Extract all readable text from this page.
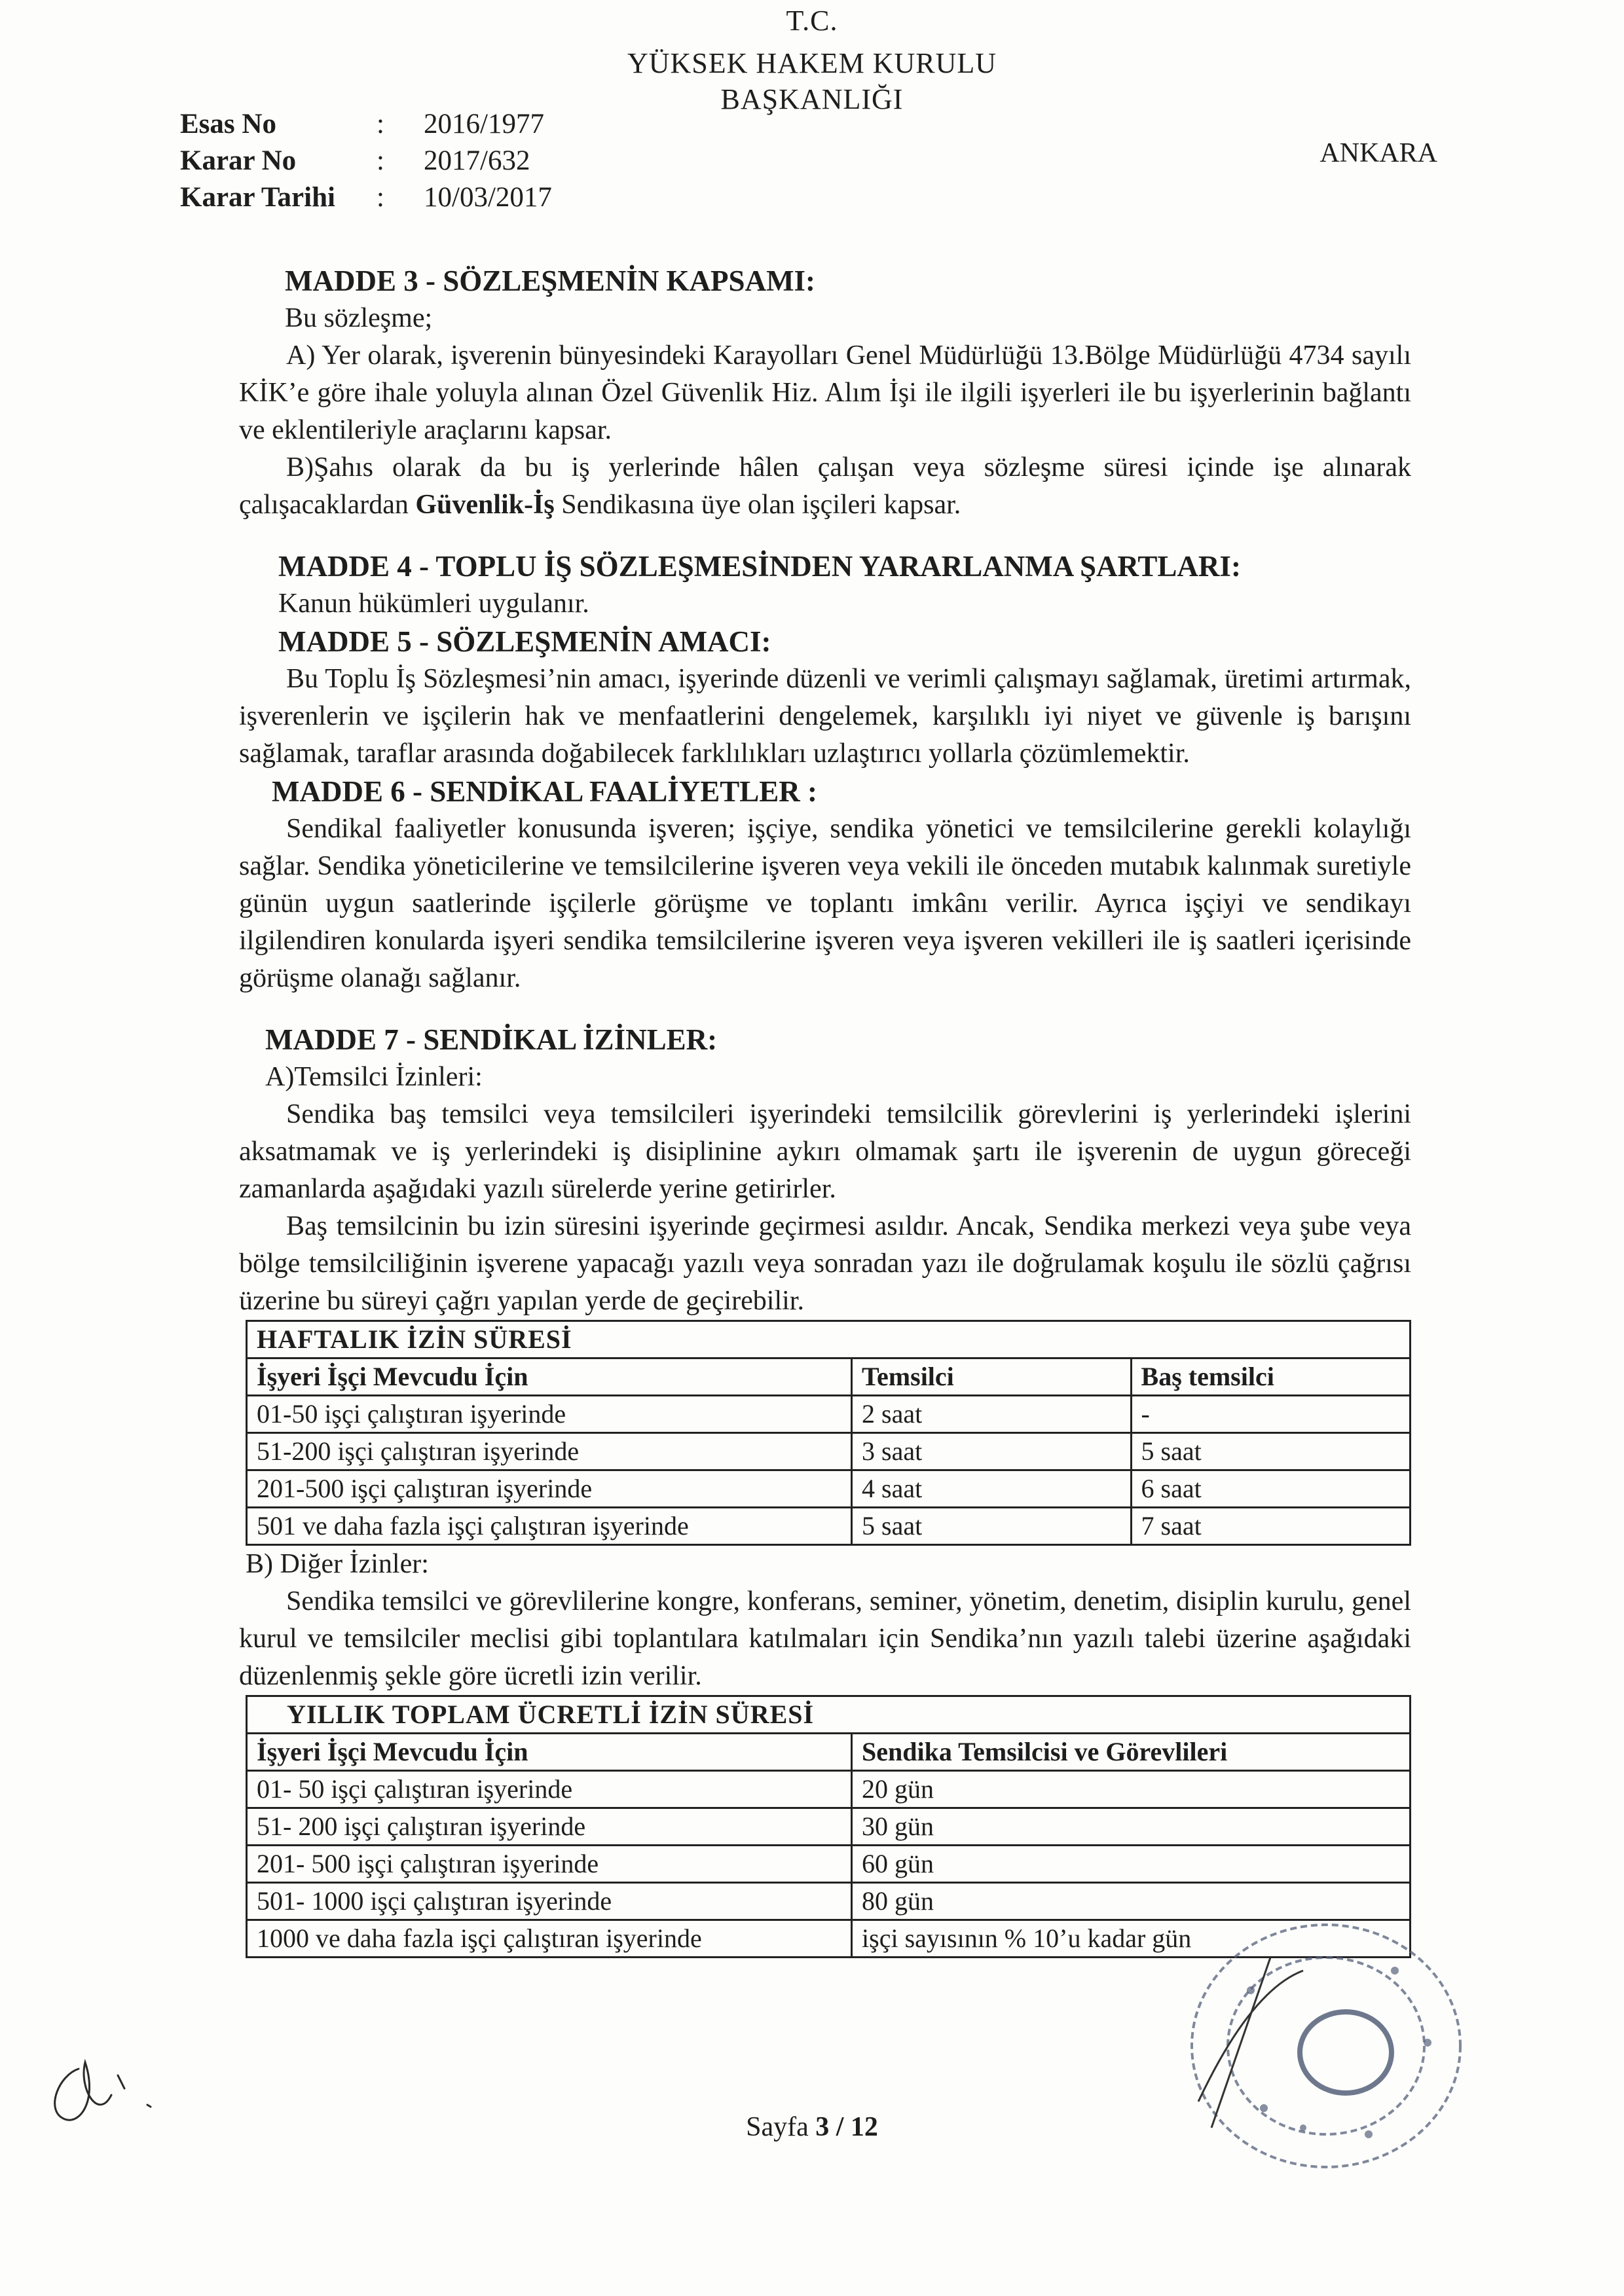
T.C.
YÜKSEK HAKEM KURULU
BAŞKANLIĞI
ANKARA
Esas No	: 2016/1977
Karar No	: 2017/632
Karar Tarihi : 10/03/2017

MADDE 3 - SÖZLEŞMENİN KAPSAMI:

Bu sözleşme;

A) Yer olarak, işverenin bünyesindeki Karayolları Genel Müdürlüğü 13.Bölge Müdürlüğü 4734 sayılı KİK’e göre ihale yoluyla alınan Özel Güvenlik Hiz. Alım İşi ile ilgili işyerleri ile bu işyerlerinin bağlantı ve eklentileriyle araçlarını kapsar.

B)Şahıs olarak da bu iş yerlerinde hâlen çalışan veya sözleşme süresi içinde işe alınarak çalışacaklardan Güvenlik-İş Sendikasına üye olan işçileri kapsar.

MADDE 4 - TOPLU İŞ SÖZLEŞMESİNDEN YARARLANMA ŞARTLARI:

Kanun hükümleri uygulanır.

MADDE 5 - SÖZLEŞMENİN AMACI:

Bu Toplu İş Sözleşmesi’nin amacı, işyerinde düzenli ve verimli çalışmayı sağlamak, üretimi artırmak, işverenlerin ve işçilerin hak ve menfaatlerini dengelemek, karşılıklı iyi niyet ve güvenle iş barışını sağlamak, taraflar arasında doğabilecek farklılıkları uzlaştırıcı yollarla çözümlemektir.

MADDE 6 - SENDİKAL FAALİYETLER :

Sendikal faaliyetler konusunda işveren; işçiye, sendika yönetici ve temsilcilerine gerekli kolaylığı sağlar. Sendika yöneticilerine ve temsilcilerine işveren veya vekili ile önceden mutabık kalınmak suretiyle günün uygun saatlerinde işçilerle görüşme ve toplantı imkânı verilir. Ayrıca işçiyi ve sendikayı ilgilendiren konularda işyeri sendika temsilcilerine işveren veya işveren vekilleri ile iş saatleri içerisinde görüşme olanağı sağlanır.

MADDE 7 - SENDİKAL İZİNLER:

A)Temsilci İzinleri:

Sendika baş temsilci veya temsilcileri işyerindeki temsilcilik görevlerini iş yerlerindeki işlerini aksatmamak ve iş yerlerindeki iş disiplinine aykırı olmamak şartı ile işverenin de uygun göreceği zamanlarda aşağıdaki yazılı sürelerde yerine getirirler.

Baş temsilcinin bu izin süresini işyerinde geçirmesi asıldır. Ancak, Sendika merkezi veya şube veya bölge temsilciliğinin işverene yapacağı yazılı veya sonradan yazı ile doğrulamak koşulu ile sözlü çağrısı üzerine bu süreyi çağrı yapılan yerde de geçirebilir.

HAFTALIK İZİN SÜRESİ		
İşyeri İşçi Mevcudu İçin	Temsilci	Baş temsilci
01-50 işçi çalıştıran işyerinde	2 saat	-
51-200 işçi çalıştıran işyerinde	3 saat	5 saat
201-500 işçi çalıştıran işyerinde	4 saat	6 saat
501 ve daha fazla işçi çalıştıran işyerinde	5 saat	7 saat

B) Diğer İzinler:

Sendika temsilci ve görevlilerine kongre, konferans, seminer, yönetim, denetim, disiplin kurulu, genel kurul ve temsilciler meclisi gibi toplantılara katılmaları için Sendika’nın yazılı talebi üzerine aşağıdaki düzenlenmiş şekle göre ücretli izin verilir.

YILLIK TOPLAM ÜCRETLİ İZİN SÜRESİ	
İşyeri İşçi Mevcudu İçin	Sendika Temsilcisi ve Görevlileri
01- 50 işçi çalıştıran işyerinde	20 gün
51- 200 işçi çalıştıran işyerinde	30 gün
201- 500 işçi çalıştıran işyerinde	60 gün
501- 1000 işçi çalıştıran işyerinde	80 gün
1000 ve daha fazla işçi çalıştıran işyerinde	işçi sayısının % 10’u kadar gün
Sayfa 3 / 12
